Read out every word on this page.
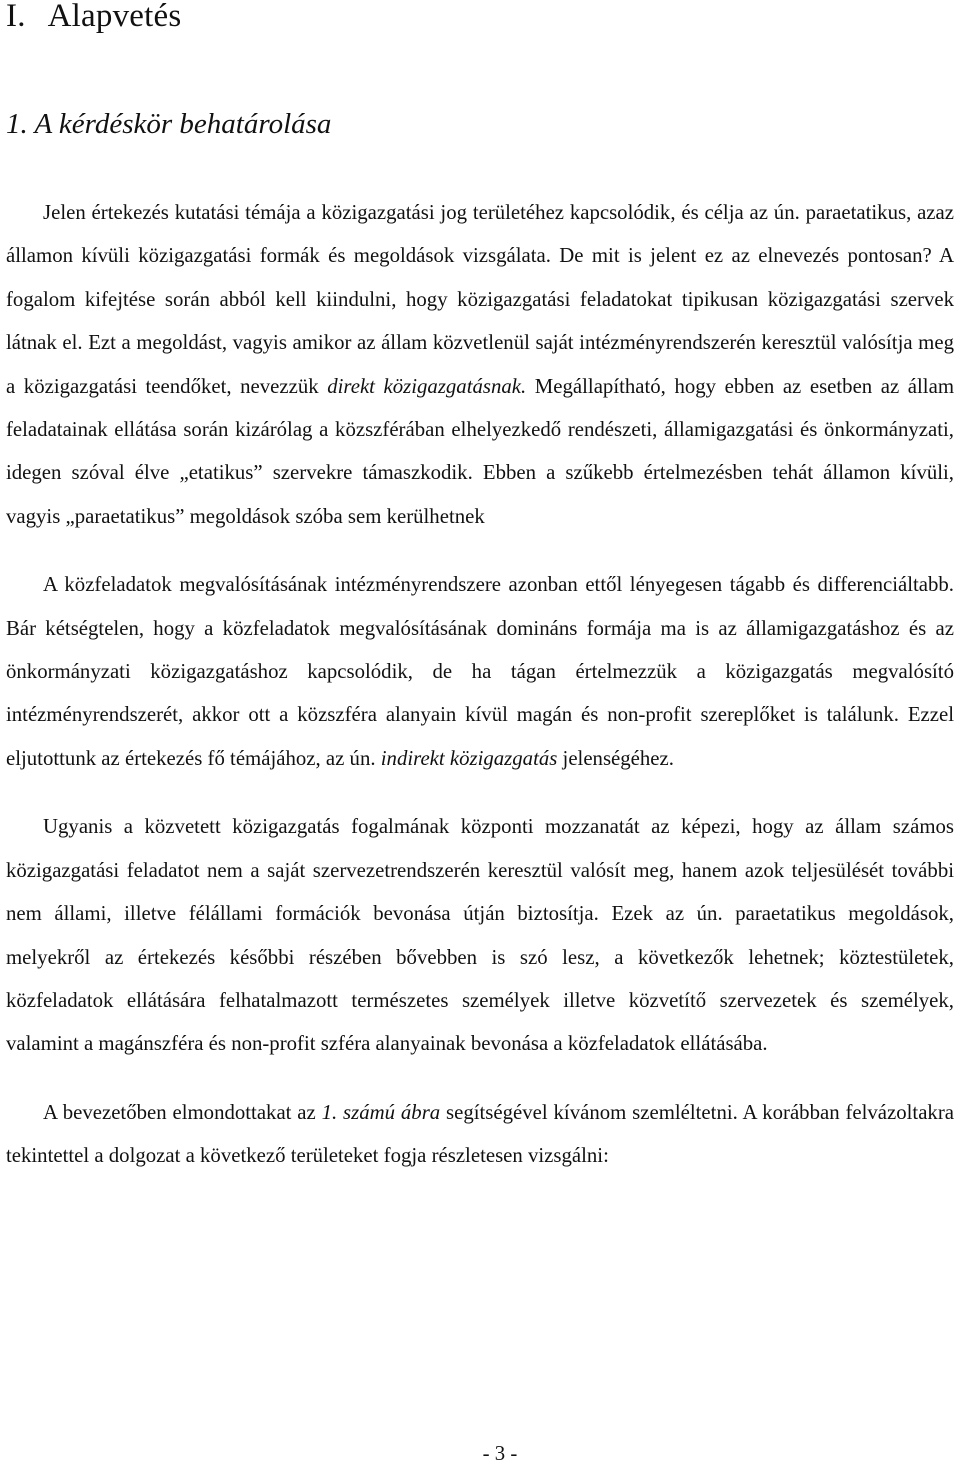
I. Alapvetés
1. A kérdéskör behatárolása

Jelen értekezés kutatási témája a közigazgatási jog területéhez kapcsolódik, és célja az ún. paraetatikus, azaz államon kívüli közigazgatási formák és megoldások vizsgálata. De mit is jelent ez az elnevezés pontosan? A fogalom kifejtése során abból kell kiindulni, hogy közigazgatási feladatokat tipikusan közigazgatási szervek látnak el. Ezt a megoldást, vagyis amikor az állam közvetlenül saját intézményrendszerén keresztül valósítja meg a közigazgatási teendőket, nevezzük direkt közigazgatásnak. Megállapítható, hogy ebben az esetben az állam feladatainak ellátása során kizárólag a közszférában elhelyezkedő rendészeti, államigazgatási és önkormányzati, idegen szóval élve „etatikus” szervekre támaszkodik. Ebben a szűkebb értelmezésben tehát államon kívüli, vagyis „paraetatikus” megoldások szóba sem kerülhetnek

A közfeladatok megvalósításának intézményrendszere azonban ettől lényegesen tágabb és differenciáltabb. Bár kétségtelen, hogy a közfeladatok megvalósításának domináns formája ma is az államigazgatáshoz és az önkormányzati közigazgatáshoz kapcsolódik, de ha tágan értelmezzük a közigazgatás megvalósító intézményrendszerét, akkor ott a közszféra alanyain kívül magán és non-profit szereplőket is találunk. Ezzel eljutottunk az értekezés fő témájához, az ún. indirekt közigazgatás jelenségéhez.

Ugyanis a közvetett közigazgatás fogalmának központi mozzanatát az képezi, hogy az állam számos közigazgatási feladatot nem a saját szervezetrendszerén keresztül valósít meg, hanem azok teljesülését további nem állami, illetve félállami formációk bevonása útján biztosítja. Ezek az ún. paraetatikus megoldások, melyekről az értekezés későbbi részében bővebben is szó lesz, a következők lehetnek; köztestületek, közfeladatok ellátására felhatalmazott természetes személyek illetve közvetítő szervezetek és személyek, valamint a magánszféra és non-profit szféra alanyainak bevonása a közfeladatok ellátásába.

A bevezetőben elmondottakat az 1. számú ábra segítségével kívánom szemléltetni. A korábban felvázoltakra tekintettel a dolgozat a következő területeket fogja részletesen vizsgálni:

- 3 -
